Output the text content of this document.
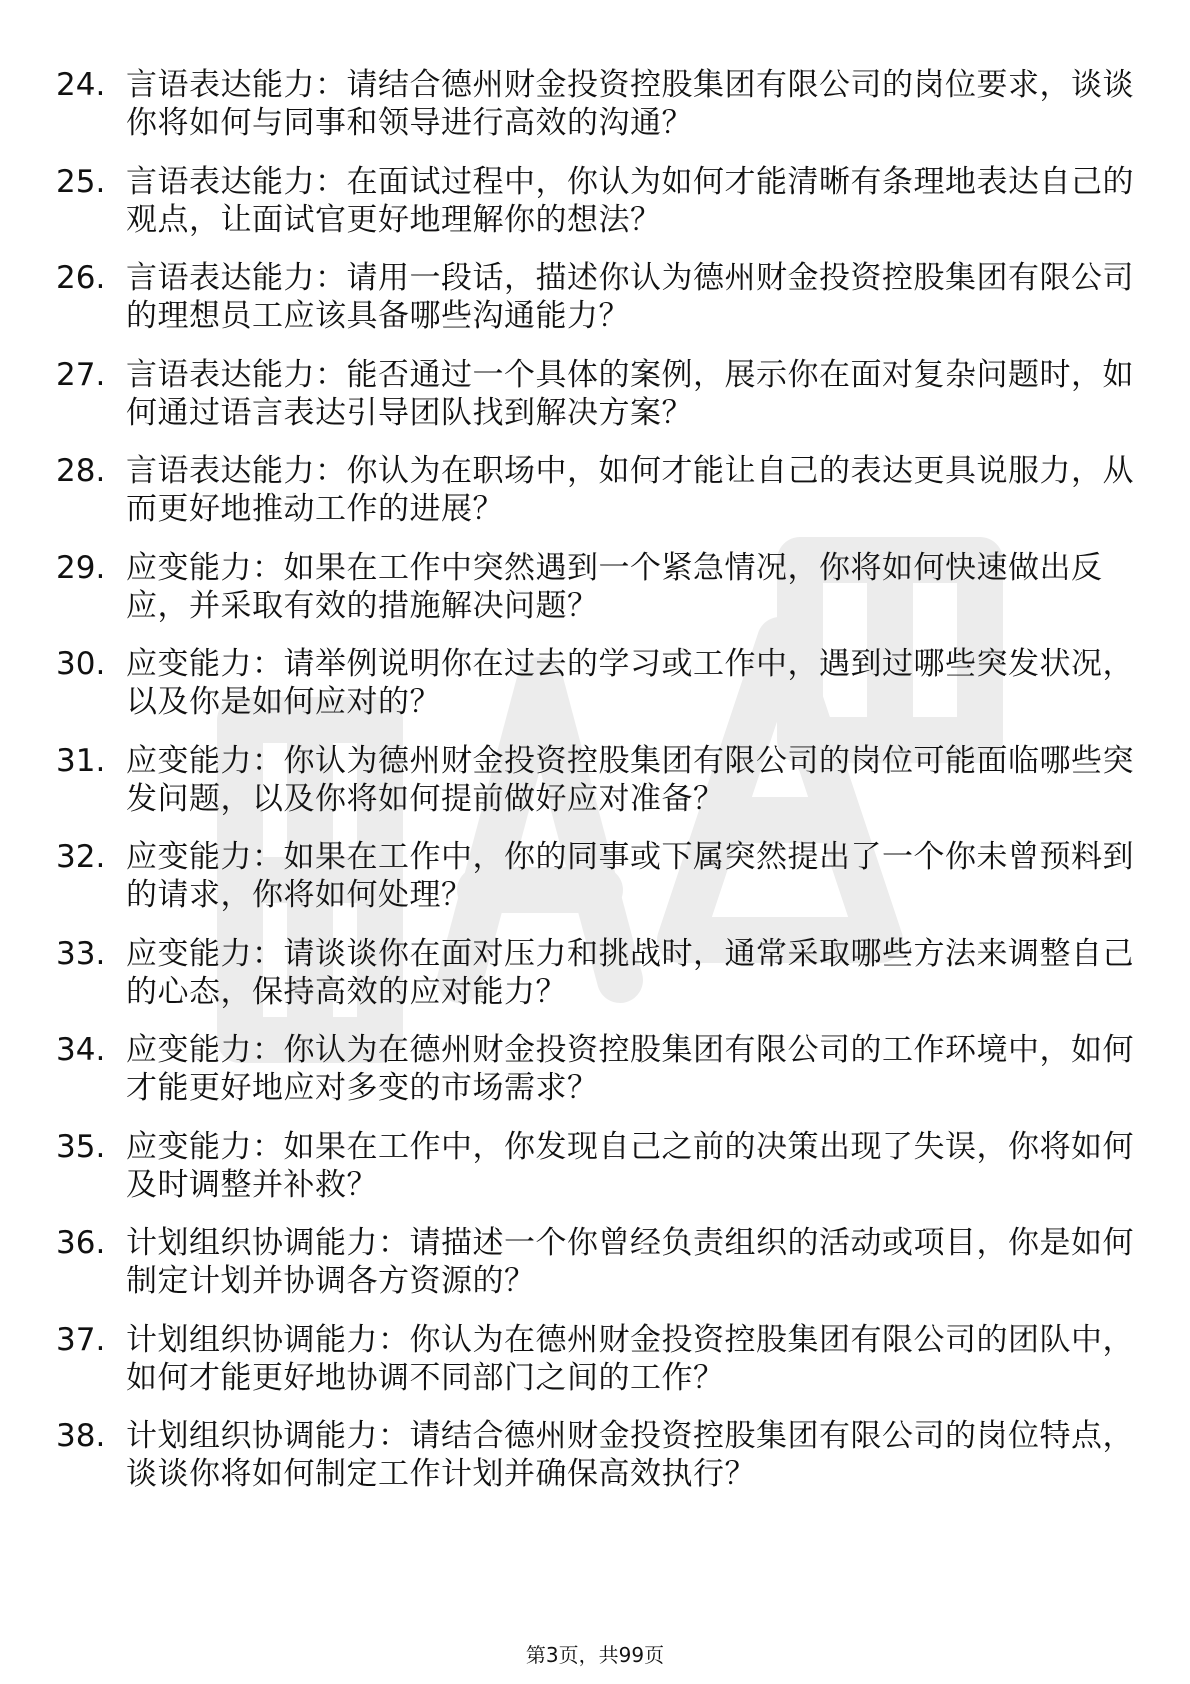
24. 言语表达能力：请结合德州财金投资控股集团有限公司的岗位要求，谈谈你将如何与同事和领导进行高效的沟通？
25. 言语表达能力：在面试过程中，你认为如何才能清晰有条理地表达自己的观点，让面试官更好地理解你的想法？
26. 言语表达能力：请用一段话，描述你认为德州财金投资控股集团有限公司的理想员工应该具备哪些沟通能力？
27. 言语表达能力：能否通过一个具体的案例，展示你在面对复杂问题时，如何通过语言表达引导团队找到解决方案？
28. 言语表达能力：你认为在职场中，如何才能让自己的表达更具说服力，从而更好地推动工作的进展？
29. 应变能力：如果在工作中突然遇到一个紧急情况，你将如何快速做出反应，并采取有效的措施解决问题？
30. 应变能力：请举例说明你在过去的学习或工作中，遇到过哪些突发状况，以及你是如何应对的？
31. 应变能力：你认为德州财金投资控股集团有限公司的岗位可能面临哪些突发问题，以及你将如何提前做好应对准备？
32. 应变能力：如果在工作中，你的同事或下属突然提出了一个你未曾预料到的请求，你将如何处理？
33. 应变能力：请谈谈你在面对压力和挑战时，通常采取哪些方法来调整自己的心态，保持高效的应对能力？
34. 应变能力：你认为在德州财金投资控股集团有限公司的工作环境中，如何才能更好地应对多变的市场需求？
35. 应变能力：如果在工作中，你发现自己之前的决策出现了失误，你将如何及时调整并补救？
36. 计划组织协调能力：请描述一个你曾经负责组织的活动或项目，你是如何制定计划并协调各方资源的？
37. 计划组织协调能力：你认为在德州财金投资控股集团有限公司的团队中，如何才能更好地协调不同部门之间的工作？
38. 计划组织协调能力：请结合德州财金投资控股集团有限公司的岗位特点，谈谈你将如何制定工作计划并确保高效执行？
第3页，共99页
